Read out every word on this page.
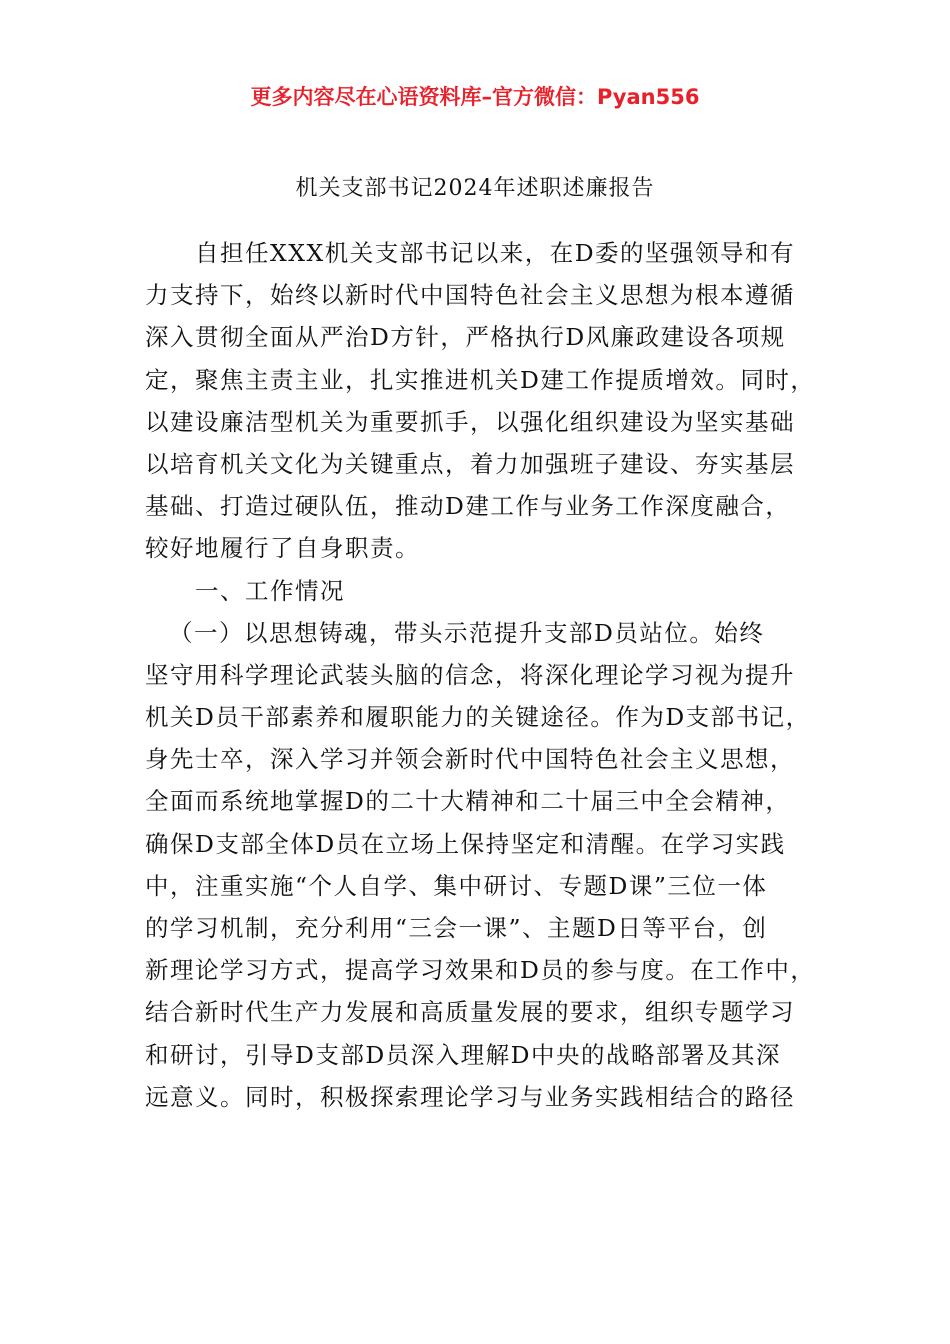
更多内容尽在心语资料库–官方微信：Pyan556
机关支部书记2024年述职述廉报告
自担任XXX机关支部书记以来，在D委的坚强领导和有
力支持下，始终以新时代中国特色社会主义思想为根本遵循
深入贯彻全面从严治D方针，严格执行D风廉政建设各项规
定，聚焦主责主业，扎实推进机关D建工作提质增效。同时，
以建设廉洁型机关为重要抓手，以强化组织建设为坚实基础
以培育机关文化为关键重点，着力加强班子建设、夯实基层
基础、打造过硬队伍，推动D建工作与业务工作深度融合，
较好地履行了自身职责。
一、工作情况
（一）以思想铸魂，带头示范提升支部D员站位。始终
坚守用科学理论武装头脑的信念，将深化理论学习视为提升
机关D员干部素养和履职能力的关键途径。作为D支部书记，
身先士卒，深入学习并领会新时代中国特色社会主义思想，
全面而系统地掌握D的二十大精神和二十届三中全会精神，
确保D支部全体D员在立场上保持坚定和清醒。在学习实践
中，注重实施“个人自学、集中研讨、专题D课”三位一体
的学习机制，充分利用“三会一课”、主题D日等平台，创
新理论学习方式，提高学习效果和D员的参与度。在工作中，
结合新时代生产力发展和高质量发展的要求，组织专题学习
和研讨，引导D支部D员深入理解D中央的战略部署及其深
远意义。同时，积极探索理论学习与业务实践相结合的路径
